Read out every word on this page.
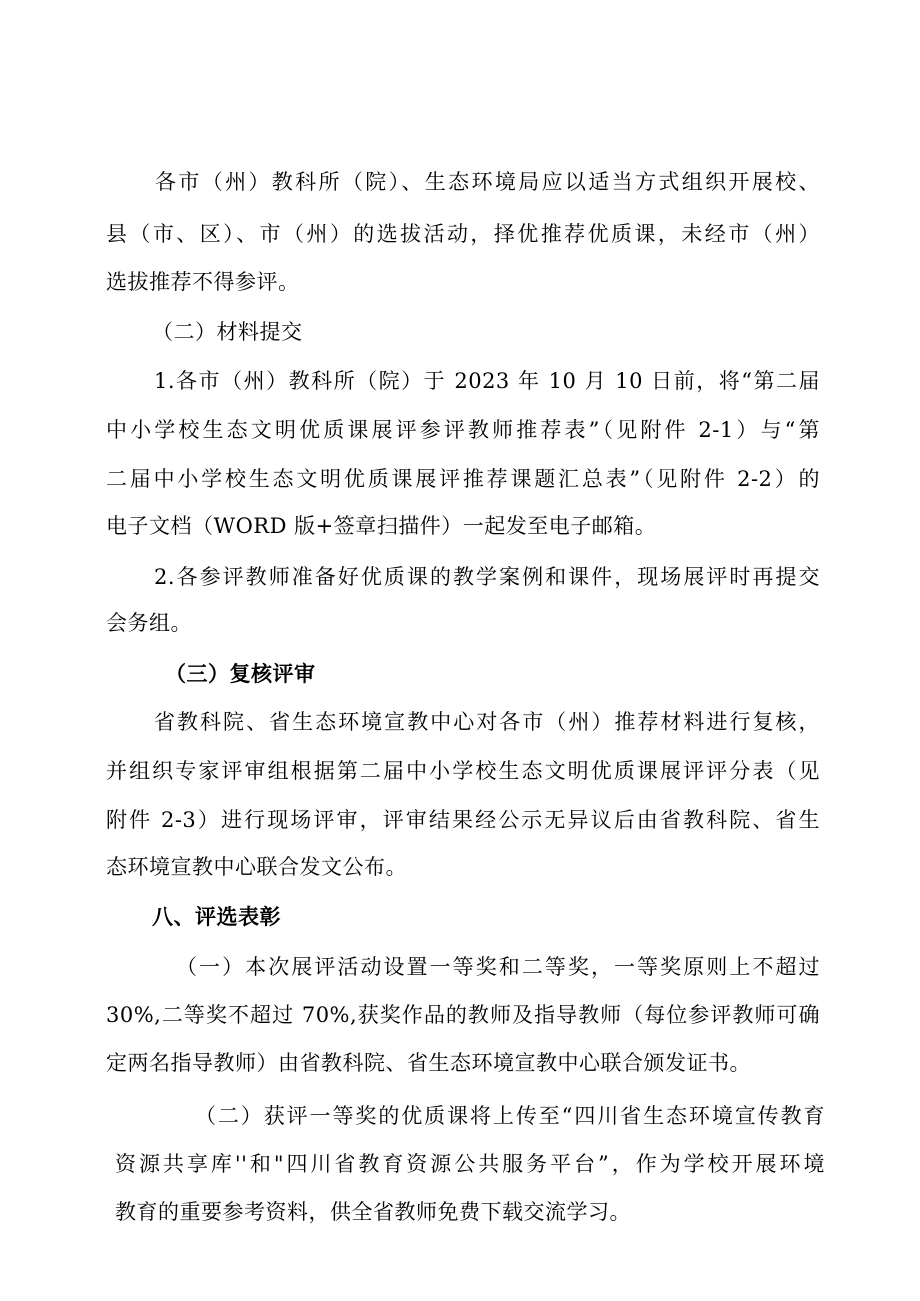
各市（州）教科所（院）、生态环境局应以适当方式组织开展校、
县（市、区）、市（州）的选拔活动，择优推荐优质课，未经市（州）
选拔推荐不得参评。
（二）材料提交
1.各市（州）教科所（院）于 2023 年 10 月 10 日前，将“第二届
中小学校生态文明优质课展评参评教师推荐表”（见附件 2-1）与“第
二届中小学校生态文明优质课展评推荐课题汇总表”（见附件 2-2）的
电子文档（WORD 版+签章扫描件）一起发至电子邮箱。
2.各参评教师准备好优质课的教学案例和课件，现场展评时再提交
会务组。
（三）复核评审
省教科院、省生态环境宣教中心对各市（州）推荐材料进行复核，
并组织专家评审组根据第二届中小学校生态文明优质课展评评分表（见
附件 2-3）进行现场评审，评审结果经公示无异议后由省教科院、省生
态环境宣教中心联合发文公布。
八、评选表彰
（一）本次展评活动设置一等奖和二等奖，一等奖原则上不超过
30%,二等奖不超过 70%,获奖作品的教师及指导教师（每位参评教师可确
定两名指导教师）由省教科院、省生态环境宣教中心联合颁发证书。
（二）获评一等奖的优质课将上传至“四川省生态环境宣传教育
资源共享库''和"四川省教育资源公共服务平台”，作为学校开展环境
教育的重要参考资料，供全省教师免费下载交流学习。
